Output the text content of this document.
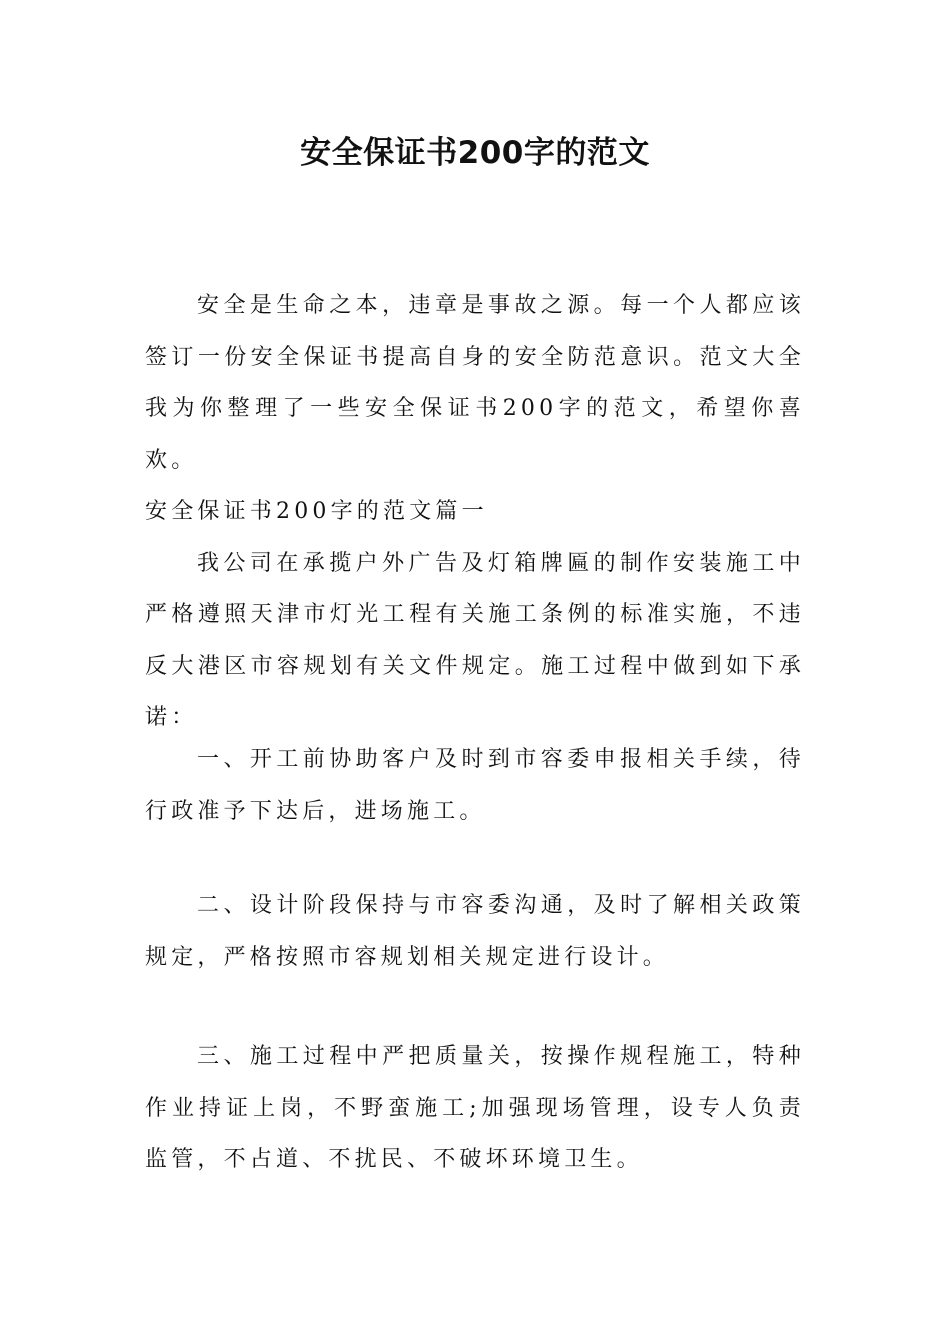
安全保证书200字的范文

安全是生命之本，违章是事故之源。每一个人都应该签订一份安全保证书提高自身的安全防范意识。范文大全我为你整理了一些安全保证书200字的范文，希望你喜欢。

安全保证书200字的范文篇一

我公司在承揽户外广告及灯箱牌匾的制作安装施工中严格遵照天津市灯光工程有关施工条例的标准实施，不违反大港区市容规划有关文件规定。施工过程中做到如下承诺：

一、开工前协助客户及时到市容委申报相关手续，待行政准予下达后，进场施工。

二、设计阶段保持与市容委沟通，及时了解相关政策规定，严格按照市容规划相关规定进行设计。

三、施工过程中严把质量关，按操作规程施工，特种作业持证上岗，不野蛮施工;加强现场管理，设专人负责监管，不占道、不扰民、不破坏环境卫生。
